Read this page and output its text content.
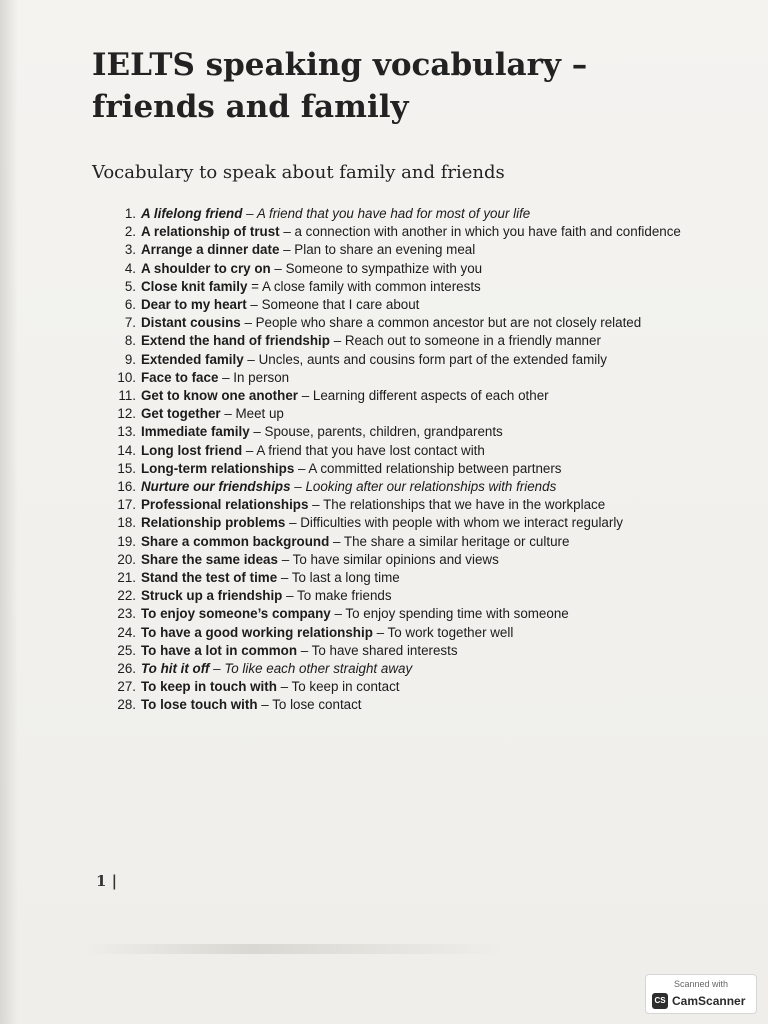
IELTS speaking vocabulary – friends and family
Vocabulary to speak about family and friends
1. A lifelong friend – A friend that you have had for most of your life
2. A relationship of trust – a connection with another in which you have faith and confidence
3. Arrange a dinner date – Plan to share an evening meal
4. A shoulder to cry on – Someone to sympathize with you
5. Close knit family = A close family with common interests
6. Dear to my heart – Someone that I care about
7. Distant cousins – People who share a common ancestor but are not closely related
8. Extend the hand of friendship – Reach out to someone in a friendly manner
9. Extended family – Uncles, aunts and cousins form part of the extended family
10. Face to face – In person
11. Get to know one another – Learning different aspects of each other
12. Get together – Meet up
13. Immediate family – Spouse, parents, children, grandparents
14. Long lost friend – A friend that you have lost contact with
15. Long-term relationships – A committed relationship between partners
16. Nurture our friendships – Looking after our relationships with friends
17. Professional relationships – The relationships that we have in the workplace
18. Relationship problems – Difficulties with people with whom we interact regularly
19. Share a common background – The share a similar heritage or culture
20. Share the same ideas – To have similar opinions and views
21. Stand the test of time – To last a long time
22. Struck up a friendship – To make friends
23. To enjoy someone’s company – To enjoy spending time with someone
24. To have a good working relationship – To work together well
25. To have a lot in common – To have shared interests
26. To hit it off – To like each other straight away
27. To keep in touch with – To keep in contact
28. To lose touch with – To lose contact
1 |
Scanned with
CS CamScanner
